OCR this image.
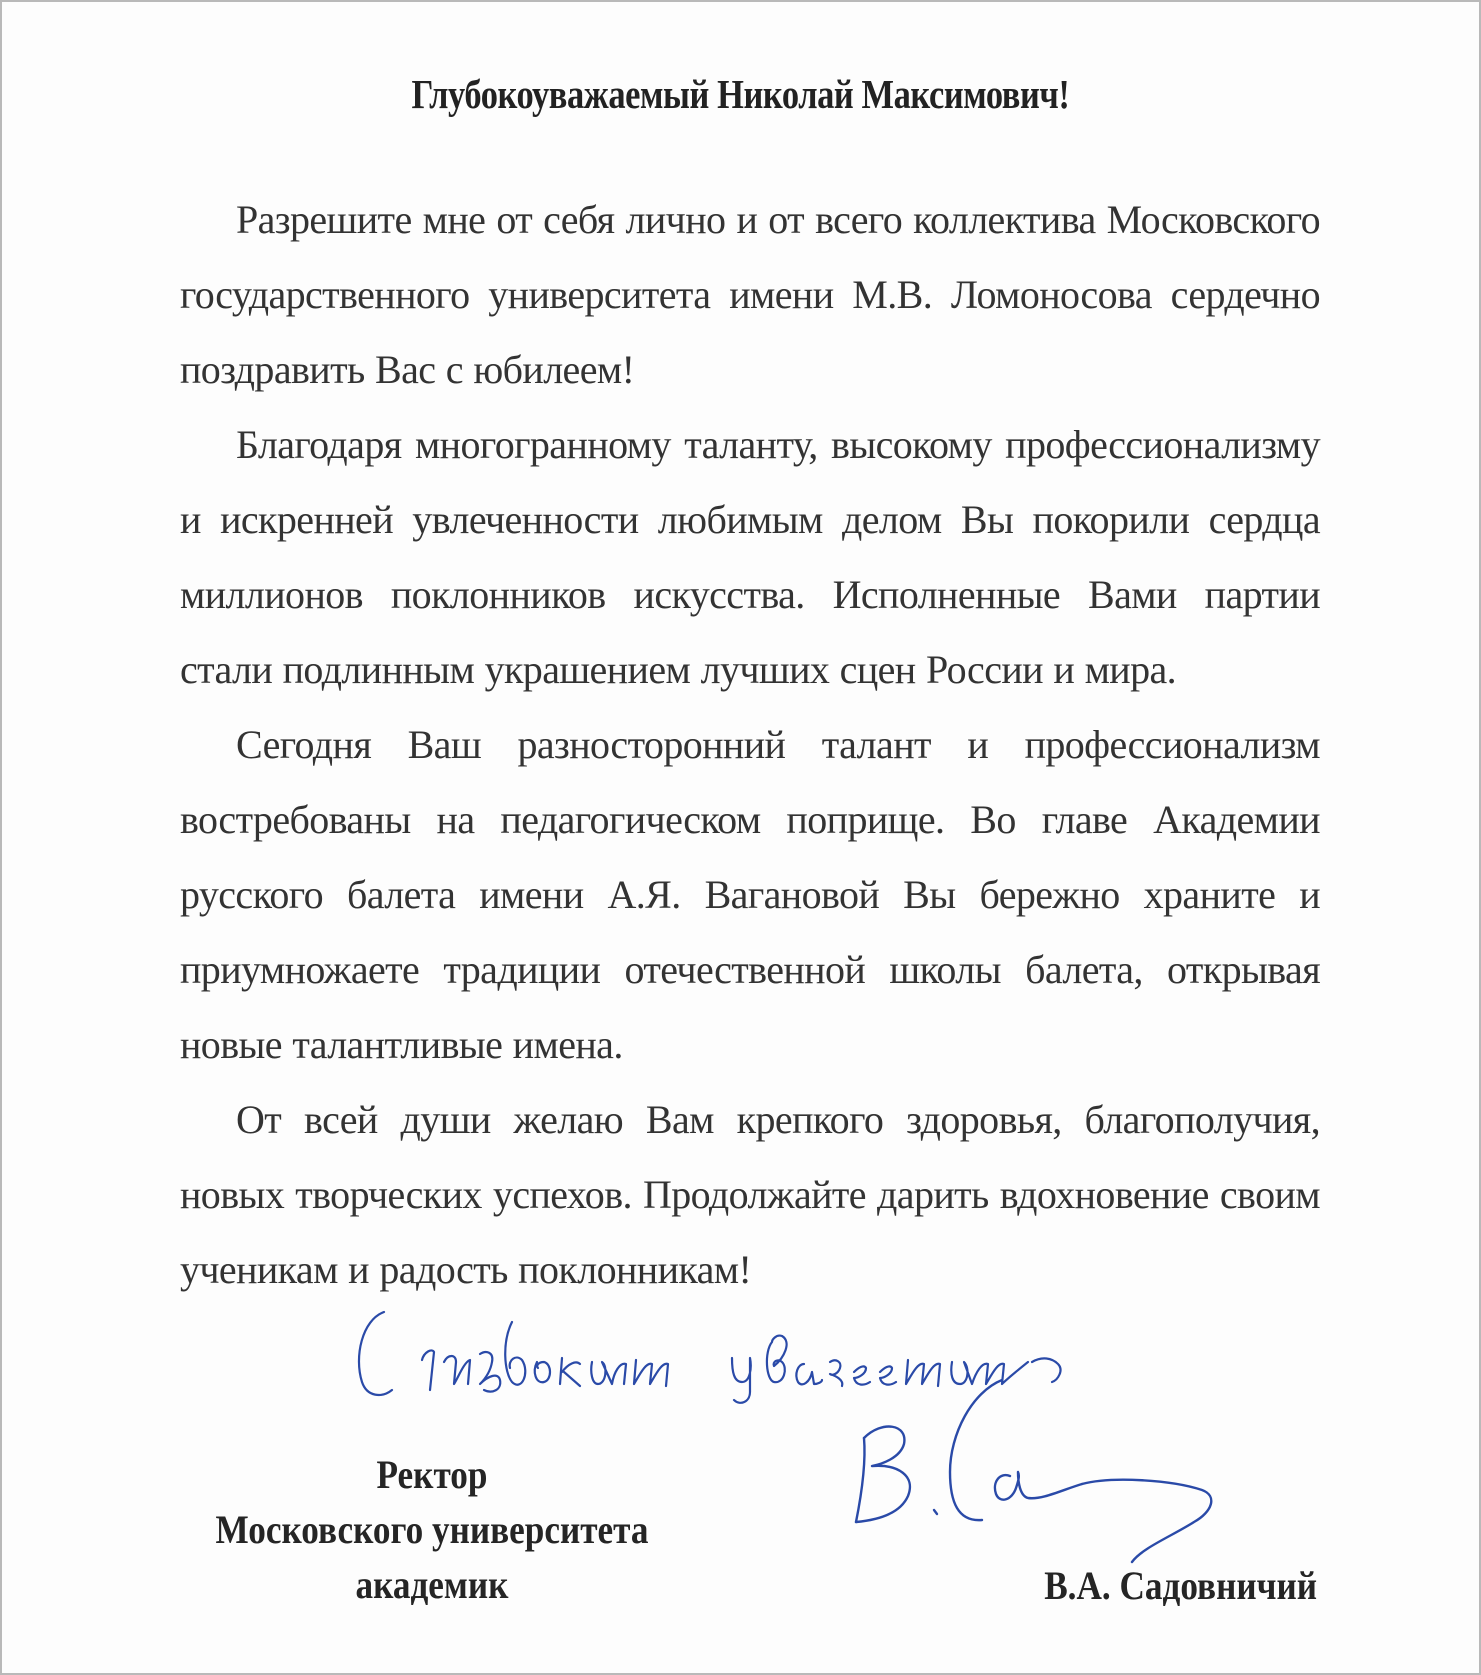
Глубокоуважаемый Николай Максимович!

Разрешите мне от себя лично и от всего коллектива Московского государственного университета имени М.В. Ломоносова сердечно поздравить Вас с юбилеем!

Благодаря многогранному таланту, высокому профессионализму и искренней увлеченности любимым делом Вы покорили сердца миллионов поклонников искусства. Исполненные Вами партии стали подлинным украшением лучших сцен России и мира.

Сегодня Ваш разносторонний талант и профессионализм востребованы на педагогическом поприще. Во главе Академии русского балета имени А.Я. Вагановой Вы бережно храните и приумножаете традиции отечественной школы балета, открывая новые талантливые имена.

От всей души желаю Вам крепкого здоровья, благополучия, новых творческих успехов. Продолжайте дарить вдохновение своим ученикам и радость поклонникам!

Ректор
Московского университета
академик	В.А. Садовничий
